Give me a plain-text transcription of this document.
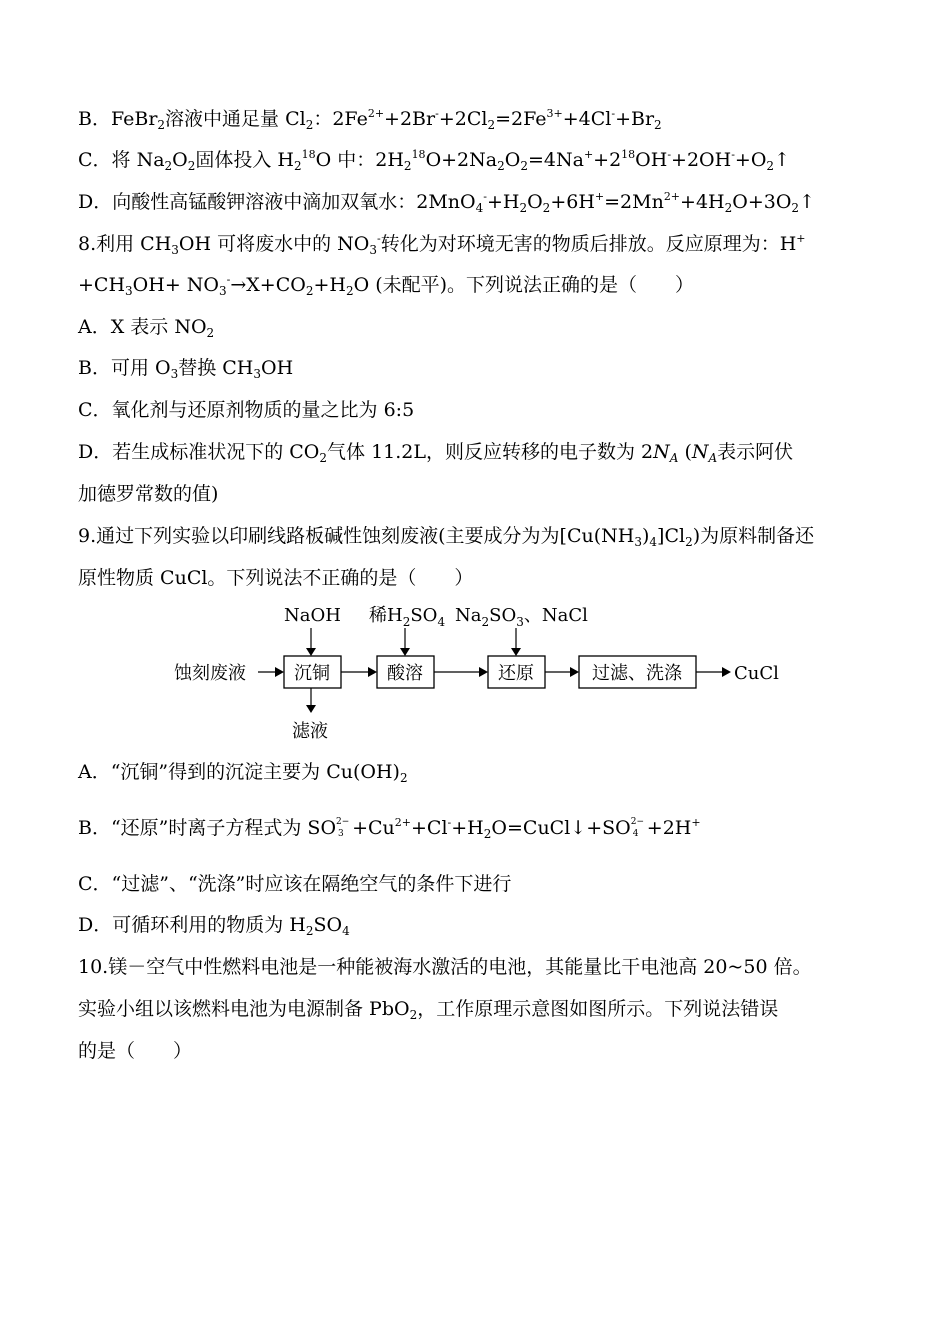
B．FeBr$_2$溶液中通足量 $Cl_2$：$2Fe^{2+}+2Br^-+2Cl_2=2Fe^{3+}+4Cl^-+Br_2$
C．将 $Na_2O_2$固体投入 $H_2^{18}O$ 中：$2H_2^{18}O+2Na_2O_2=4Na^++2^{18}OH^-+2OH^-+O_2↑$
D．向酸性高锰酸钾溶液中滴加双氧水：$2MnO_4^-+H_2O_2+6H^+=2Mn^{2+}+4H_2O+3O_2↑$
8.利用 $CH_3OH$ 可将废水中的 $NO_3^-$转化为对环境无害的物质后排放。反应原理为：H+
$+CH_3OH+ NO_3^-\to X+CO_2+H_2O$ (未配平)。下列说法正确的是（　　）
A．X 表示 $NO_2$
B．可用 $O_3$替换 $CH_3OH$
C．氧化剂与还原剂物质的量之比为 6:5
D．若生成标准状况下的 $CO_2$气体 11.2L，则反应转移的电子数为 $2N_A$ ($N_A$表示阿伏
加德罗常数的值)
9.通过下列实验以印刷线路板碱性蚀刻废液(主要成分为为$[Cu(NH_3)_4]Cl_2$)为原料制备还
原性物质 CuCl。下列说法不正确的是（　　）
NaOH 稀$H_2SO_4$ $Na_2SO_3$、NaCl
蚀刻废液	沉铜	酸溶	还原	过滤、洗涤	CuCl
滤液
A．“沉铜”得到的沉淀主要为 $Cu(OH)_2$
B．“还原”时离子方程式为 SO 2−
$3 +Cu^{2+}+Cl^-+H_2O=CuCl↓+SO$ 2−
4 +2H+
C．“过滤”、“洗涤”时应该在隔绝空气的条件下进行
D．可循环利用的物质为 $H_2SO_4$
10.镁－空气中性燃料电池是一种能被海水激活的电池，其能量比干电池高 20~50 倍。
实验小组以该燃料电池为电源制备 PbO$_2$，工作原理示意图如图所示。下列说法错误
的是（　　）
